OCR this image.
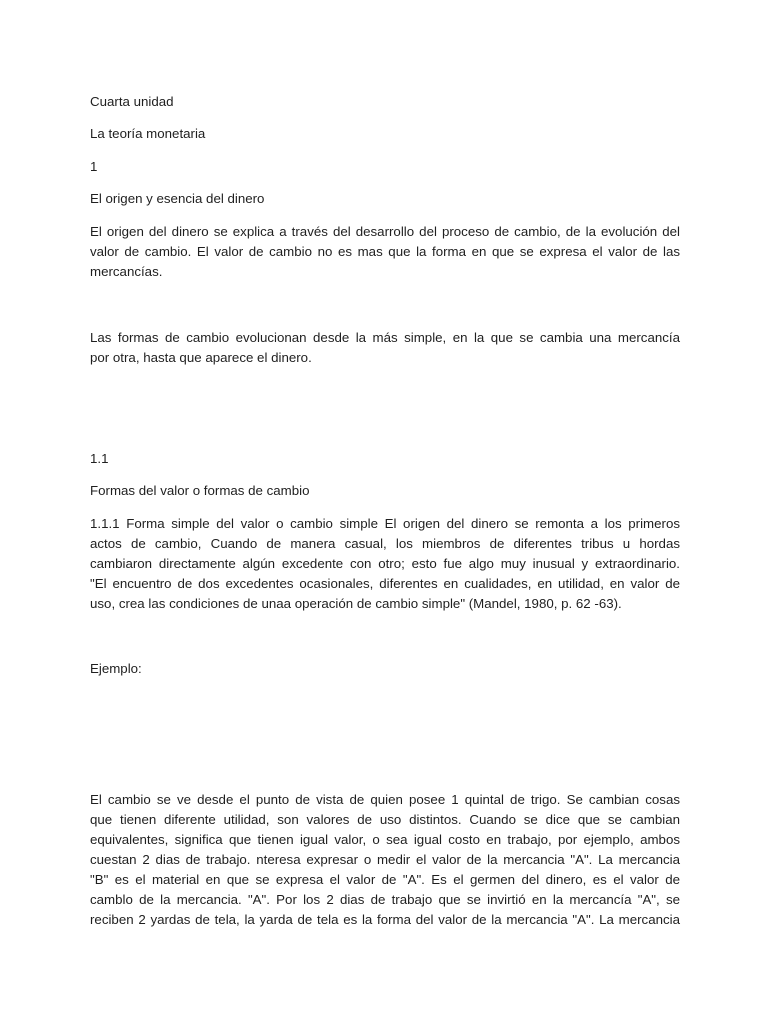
Cuarta unidad

La teoría monetaria

1

El origen y esencia del dinero

El origen del dinero se explica a través del desarrollo del proceso de cambio, de la evolución del

valor de cambio. El valor de cambio no es mas que la forma en que se expresa el valor de las

mercancías.

Las formas de cambio evolucionan desde la más simple, en la que se cambia una mercancía

por otra, hasta que aparece el dinero.

1.1

Formas del valor o formas de cambio

1.1.1 Forma simple del valor o cambio simple El origen del dinero se remonta a los primeros

actos de cambio, Cuando de manera casual, los miembros de diferentes tribus u hordas

cambiaron directamente algún excedente con otro; esto fue algo muy inusual y extraordinario.

"El encuentro de dos excedentes ocasionales, diferentes en cualidades, en utilidad, en valor de

uso, crea las condiciones de unaa operación de cambio simple" (Mandel, 1980, p. 62 -63).

Ejemplo:

El cambio se ve desde el punto de vista de quien posee 1 quintal de trigo. Se cambian cosas

que tienen diferente utilidad, son valores de uso distintos. Cuando se dice que se cambian

equivalentes, significa que tienen igual valor, o sea igual costo en trabajo, por ejemplo, ambos

cuestan 2 dias de trabajo. nteresa expresar o medir el valor de la mercancia "A". La mercancia

"B" es el material en que se expresa el valor de "A". Es el germen del dinero, es el valor de

camblo de la mercancia. "A". Por los 2 dias de trabajo que se invirtió en la mercancía "A", se

reciben 2 yardas de tela, la yarda de tela es la forma del valor de la mercancia "A". La mercancia
